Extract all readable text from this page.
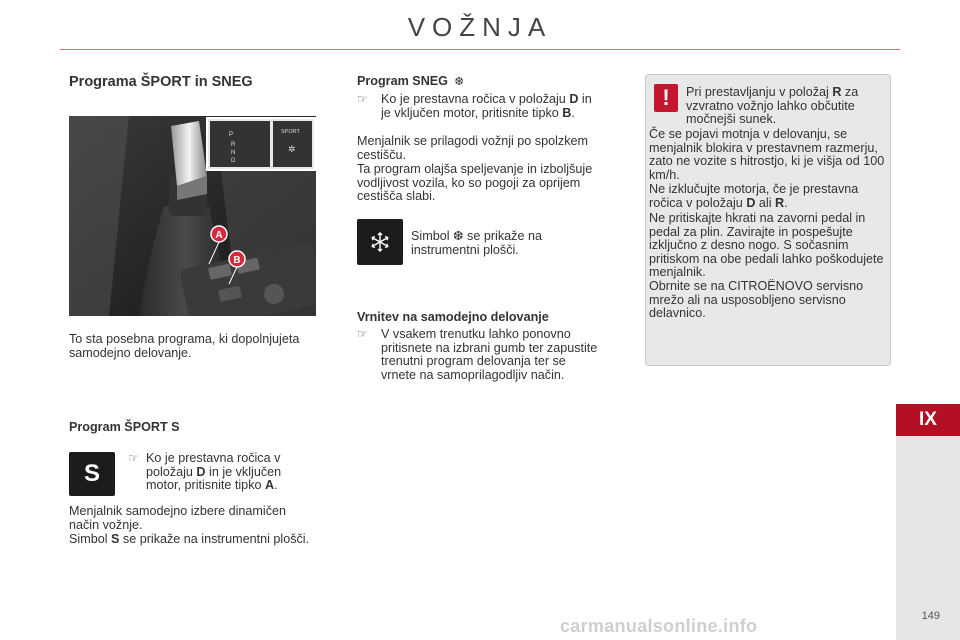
VOŽNJA
IX
Programa ŠPORT in SNEG
A
B
P
R
N
D
SPORT
✲
To sta posebna programa, ki dopolnjujeta samodejno delovanje.
Program ŠPORT S
S
☞ Ko je prestavna ročica v položaju D in je vključen motor, pritisnite tipko A.
Menjalnik samodejno izbere dinamičen način vožnje.
Simbol S se prikaže na instrumentni plošči.
Program SNEG ❆
☞ Ko je prestavna ročica v položaju D in je vključen motor, pritisnite tipko B.
Menjalnik se prilagodi vožnji po spolzkem cestišču.
Ta program olajša speljevanje in izboljšuje vodljivost vozila, ko so pogoji za oprijem cestišča slabi.
Simbol ❆ se prikaže na instrumentni plošči.
Vrnitev na samodejno delovanje
☞ V vsakem trenutku lahko ponovno pritisnete na izbrani gumb ter zapustite trenutni program delovanja ter se vrnete na samoprilagodljiv način.
!	Pri prestavljanju v položaj R za vzvratno vožnjo lahko občutite močnejši sunek.
Če se pojavi motnja v delovanju, se menjalnik blokira v prestavnem razmerju, zato ne vozite s hitrostjo, ki je višja od 100 km/h.
Ne izklučujte motorja, če je prestavna ročica v položaju D ali R.
Ne pritiskajte hkrati na zavorni pedal in pedal za plin. Zavirajte in pospešujte izključno z desno nogo. S sočasnim pritiskom na obe pedali lahko poškodujete menjalnik.
Obrnite se na CITROËNOVO servisno mrežo ali na usposobljeno servisno delavnico.
149
carmanualsonline.info
